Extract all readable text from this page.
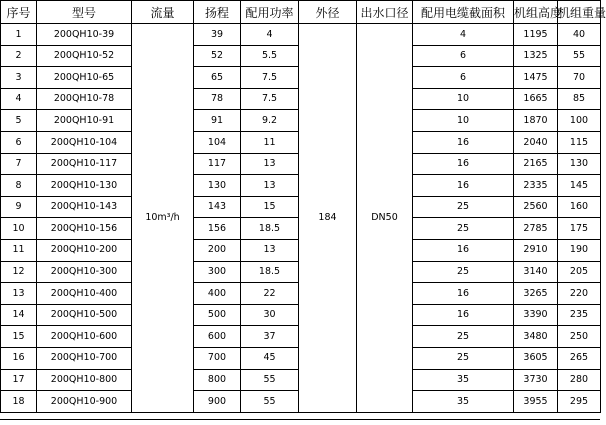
序号	型号	流量	扬程	配用功率	外径	出水口径	配用电缆截面积	机组高度	机组重量
1	200QH10-39	10m³/h	39	4	184	DN50	4	1195	40
2	200QH10-52		52	5.5			6	1325	55
3	200QH10-65		65	7.5			6	1475	70
4	200QH10-78		78	7.5			10	1665	85
5	200QH10-91		91	9.2			10	1870	100
6	200QH10-104		104	11			16	2040	115
7	200QH10-117		117	13			16	2165	130
8	200QH10-130		130	13			16	2335	145
9	200QH10-143		143	15			25	2560	160
10	200QH10-156		156	18.5			25	2785	175
11	200QH10-200		200	13			16	2910	190
12	200QH10-300		300	18.5			25	3140	205
13	200QH10-400		400	22			16	3265	220
14	200QH10-500		500	30			16	3390	235
15	200QH10-600		600	37			25	3480	250
16	200QH10-700		700	45			25	3605	265
17	200QH10-800		800	55			35	3730	280
18	200QH10-900		900	55			35	3955	295
